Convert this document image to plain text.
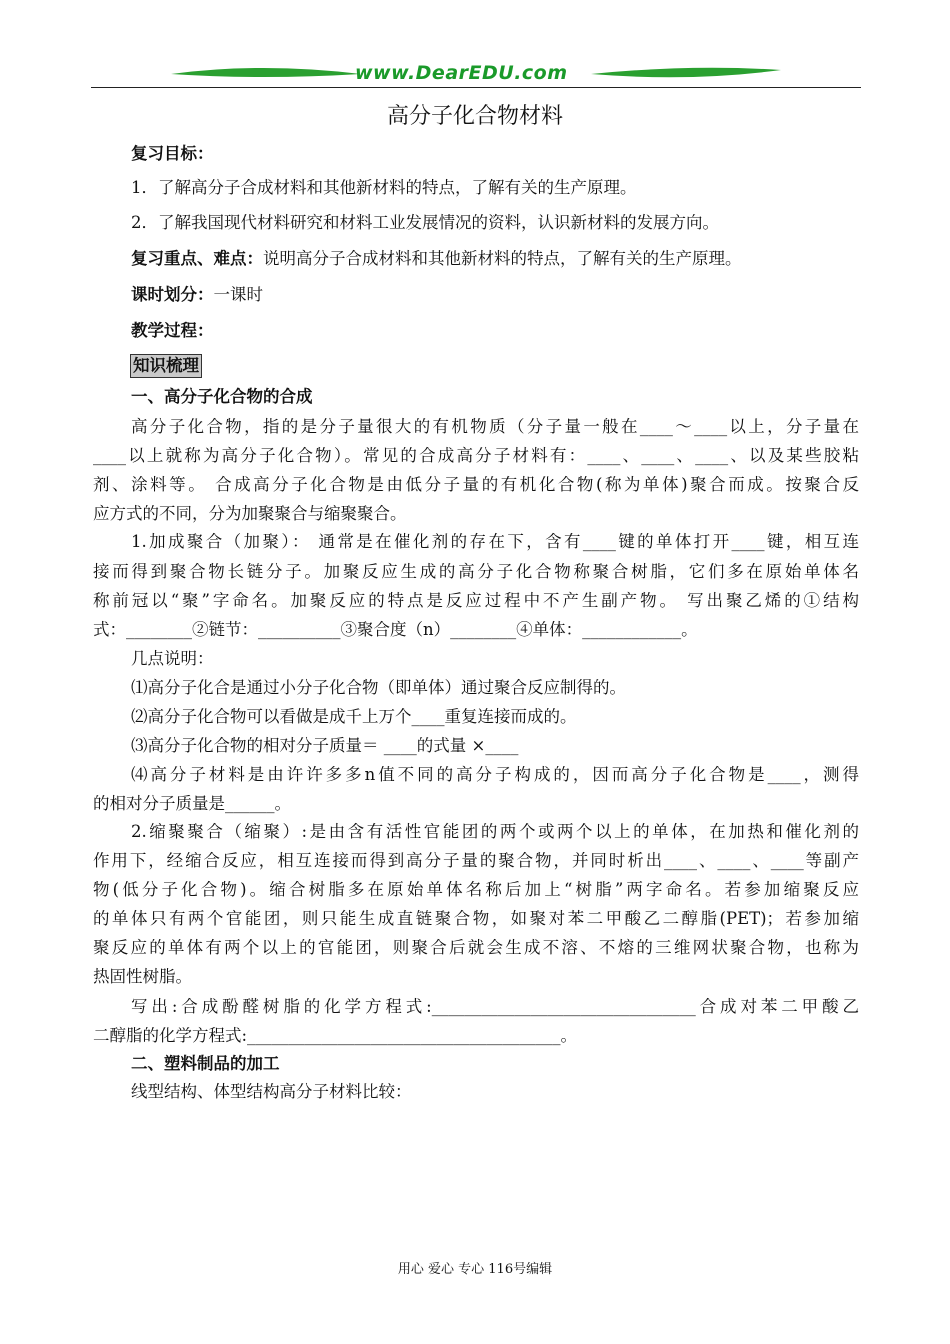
www.DearEDU.com
高分子化合物材料
复习目标：
1．了解高分子合成材料和其他新材料的特点，了解有关的生产原理。
2．了解我国现代材料研究和材料工业发展情况的资料，认识新材料的发展方向。
复习重点、难点：说明高分子合成材料和其他新材料的特点，了解有关的生产原理。
课时划分：一课时
教学过程：
知识梳理
一、高分子化合物的合成
高分子化合物，指的是分子量很大的有机物质（分子量一般在____～____以上，分子量在
____以上就称为高分子化合物）。常见的合成高分子材料有：____、____、____、以及某些胶粘
剂、涂料等。 合成高分子化合物是由低分子量的有机化合物(称为单体)聚合而成。按聚合反
应方式的不同，分为加聚聚合与缩聚聚合。
1.加成聚合（加聚）： 通常是在催化剂的存在下，含有____键的单体打开____键，相互连
接而得到聚合物长链分子。加聚反应生成的高分子化合物称聚合树脂，它们多在原始单体名
称前冠以“聚”字命名。加聚反应的特点是反应过程中不产生副产物。 写出聚乙烯的①结构
式：________②链节：__________③聚合度（n）________④单体：____________。
几点说明：
⑴高分子化合是通过小分子化合物（即单体）通过聚合反应制得的。
⑵高分子化合物可以看做是成千上万个____重复连接而成的。
⑶高分子化合物的相对分子质量＝ ____的式量 ×____
⑷高分子材料是由许许多多n值不同的高分子构成的，因而高分子化合物是____，测得
的相对分子质量是______。
2.缩聚聚合（缩聚）:是由含有活性官能团的两个或两个以上的单体，在加热和催化剂的
作用下，经缩合反应，相互连接而得到高分子量的聚合物，并同时析出____、____、____等副产
物(低分子化合物)。缩合树脂多在原始单体名称后加上“树脂”两字命名。若参加缩聚反应
的单体只有两个官能团，则只能生成直链聚合物，如聚对苯二甲酸乙二醇脂(PET)；若参加缩
聚反应的单体有两个以上的官能团，则聚合后就会生成不溶、不熔的三维网状聚合物，也称为
热固性树脂。
写出:合成酚醛树脂的化学方程式:________________________________合成对苯二甲酸乙
二醇脂的化学方程式:______________________________________。
二、塑料制品的加工
线型结构、体型结构高分子材料比较：
用心 爱心 专心 116号编辑
